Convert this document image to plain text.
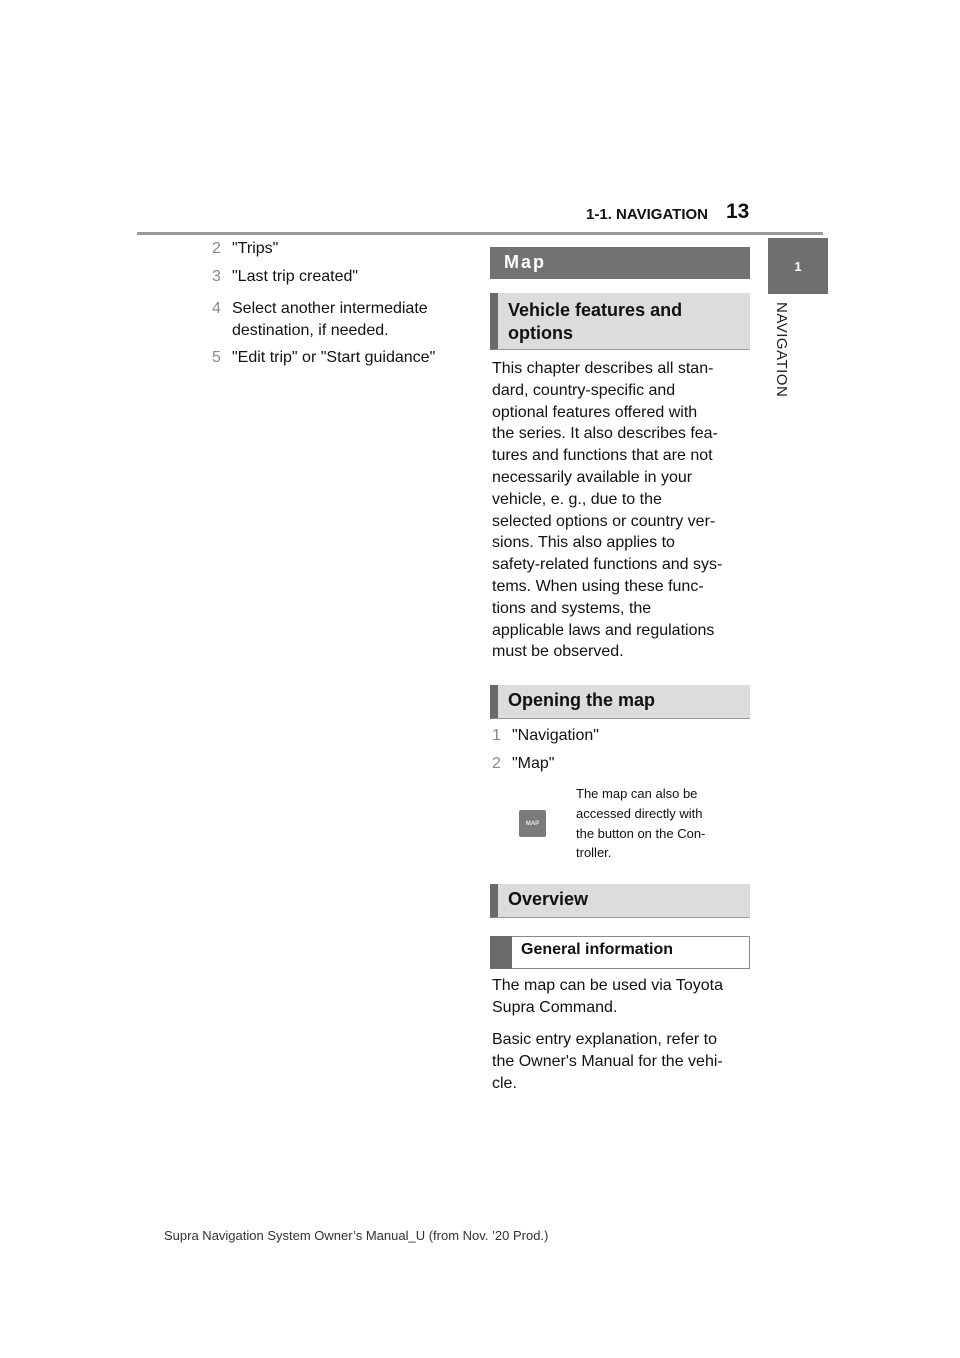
1-1. NAVIGATION 13
1
NAVIGATION
2 "Trips"
3 "Last trip created"
4 Select another intermediate
destination, if needed.
5 "Edit trip" or "Start guidance"
Map
Vehicle features and options
This chapter describes all stan-
dard, country-specific and
optional features offered with
the series. It also describes fea-
tures and functions that are not
necessarily available in your
vehicle, e. g., due to the
selected options or country ver-
sions. This also applies to
safety-related functions and sys-
tems. When using these func-
tions and systems, the
applicable laws and regulations
must be observed.
Opening the map
1 "Navigation"
2 "Map"
MAP
The map can also be
accessed directly with
the button on the Con-
troller.
Overview
General information
The map can be used via Toyota
Supra Command.
Basic entry explanation, refer to
the Owner's Manual for the vehi-
cle.
Supra Navigation System Owner’s Manual_U (from Nov. ’20 Prod.)
